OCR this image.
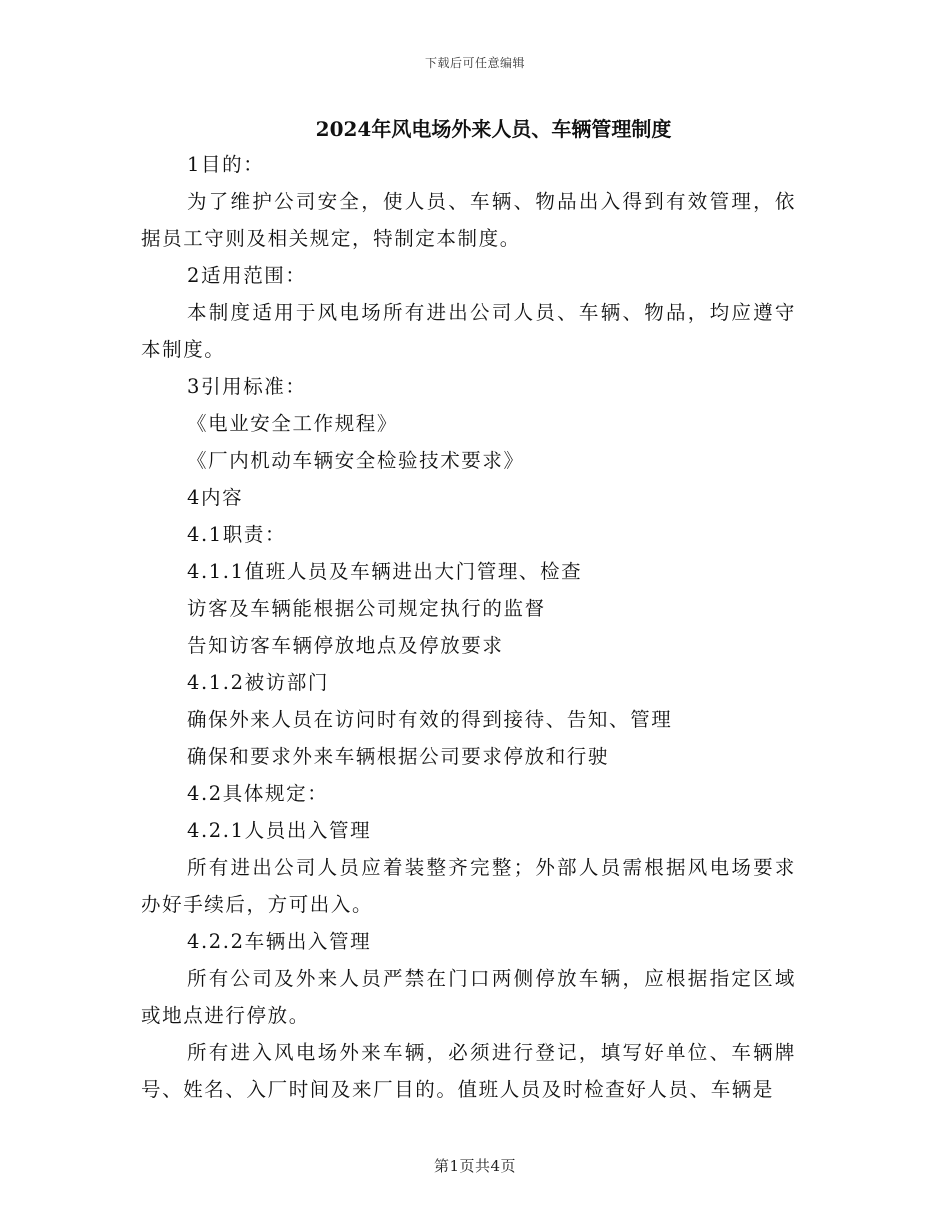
下载后可任意编辑
2024年风电场外来人员、车辆管理制度

1目的：

为了维护公司安全，使人员、车辆、物品出入得到有效管理，依据员工守则及相关规定，特制定本制度。

2适用范围：

本制度适用于风电场所有进出公司人员、车辆、物品，均应遵守本制度。

3引用标准：

《电业安全工作规程》

《厂内机动车辆安全检验技术要求》

4内容

4.1职责：

4.1.1值班人员及车辆进出大门管理、检查

访客及车辆能根据公司规定执行的监督

告知访客车辆停放地点及停放要求

4.1.2被访部门

确保外来人员在访问时有效的得到接待、告知、管理

确保和要求外来车辆根据公司要求停放和行驶

4.2具体规定：

4.2.1人员出入管理

所有进出公司人员应着装整齐完整；外部人员需根据风电场要求办好手续后，方可出入。

4.2.2车辆出入管理

所有公司及外来人员严禁在门口两侧停放车辆，应根据指定区域或地点进行停放。

所有进入风电场外来车辆，必须进行登记，填写好单位、车辆牌号、姓名、入厂时间及来厂目的。值班人员及时检查好人员、车辆是

第1页共4页
